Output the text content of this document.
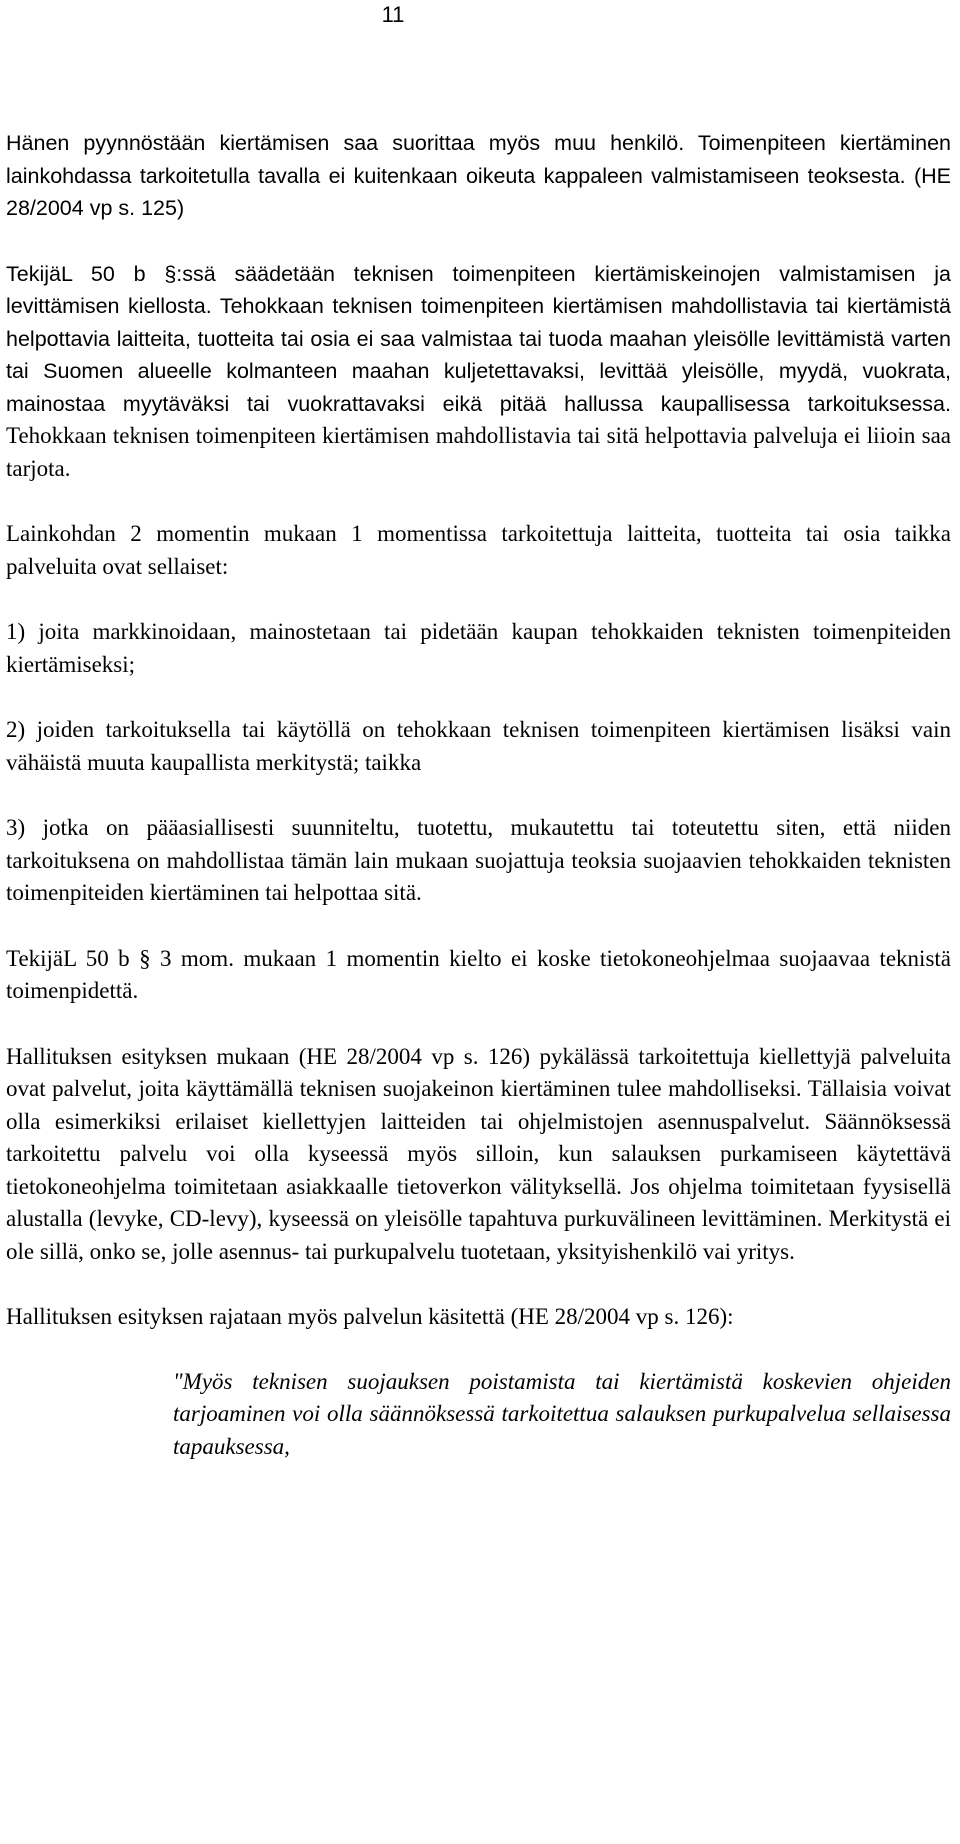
11

Hänen pyynnöstään kiertämisen saa suorittaa myös muu henkilö. Toimenpiteen kiertäminen lainkohdassa tarkoitetulla tavalla ei kuitenkaan oikeuta kappaleen valmistamiseen teoksesta. (HE 28/2004 vp s. 125)

TekijäL 50 b §:ssä säädetään teknisen toimenpiteen kiertämiskeinojen valmistamisen ja levittämisen kiellosta. Tehokkaan teknisen toimenpiteen kiertämisen mahdollistavia tai kiertämistä helpottavia laitteita, tuotteita tai osia ei saa valmistaa tai tuoda maahan yleisölle levittämistä varten tai Suomen alueelle kolmanteen maahan kuljetettavaksi, levittää yleisölle, myydä, vuokrata, mainostaa myytäväksi tai vuokrattavaksi eikä pitää hallussa kaupallisessa tarkoituksessa. Tehokkaan teknisen toimenpiteen kiertämisen mahdollistavia tai sitä helpottavia palveluja ei liioin saa tarjota.

Lainkohdan 2 momentin mukaan 1 momentissa tarkoitettuja laitteita, tuotteita tai osia taikka palveluita ovat sellaiset:

1) joita markkinoidaan, mainostetaan tai pidetään kaupan tehokkaiden teknisten toimenpiteiden kiertämiseksi;

2) joiden tarkoituksella tai käytöllä on tehokkaan teknisen toimenpiteen kiertämisen lisäksi vain vähäistä muuta kaupallista merkitystä; taikka

3) jotka on pääasiallisesti suunniteltu, tuotettu, mukautettu tai toteutettu siten, että niiden tarkoituksena on mahdollistaa tämän lain mukaan suojattuja teoksia suojaavien tehokkaiden teknisten toimenpiteiden kiertäminen tai helpottaa sitä.

TekijäL 50 b § 3 mom. mukaan 1 momentin kielto ei koske tietokoneohjelmaa suojaavaa teknistä toimenpidettä.

Hallituksen esityksen mukaan (HE 28/2004 vp s. 126) pykälässä tarkoitettuja kiellettyjä palveluita ovat palvelut, joita käyttämällä teknisen suojakeinon kiertäminen tulee mahdolliseksi. Tällaisia voivat olla esimerkiksi erilaiset kiellettyjen laitteiden tai ohjelmistojen asennuspalvelut. Säännöksessä tarkoitettu palvelu voi olla kyseessä myös silloin, kun salauksen purkamiseen käytettävä tietokoneohjelma toimitetaan asiakkaalle tietoverkon välityksellä. Jos ohjelma toimitetaan fyysisellä alustalla (levyke, CD-levy), kyseessä on yleisölle tapahtuva purkuvälineen levittäminen. Merkitystä ei ole sillä, onko se, jolle asennus- tai purkupalvelu tuotetaan, yksityishenkilö vai yritys.

Hallituksen esityksen rajataan myös palvelun käsitettä (HE 28/2004 vp s. 126):

"Myös teknisen suojauksen poistamista tai kiertämistä koskevien ohjeiden tarjoaminen voi olla säännöksessä tarkoitettua salauksen purkupalvelua sellaisessa tapauksessa,
